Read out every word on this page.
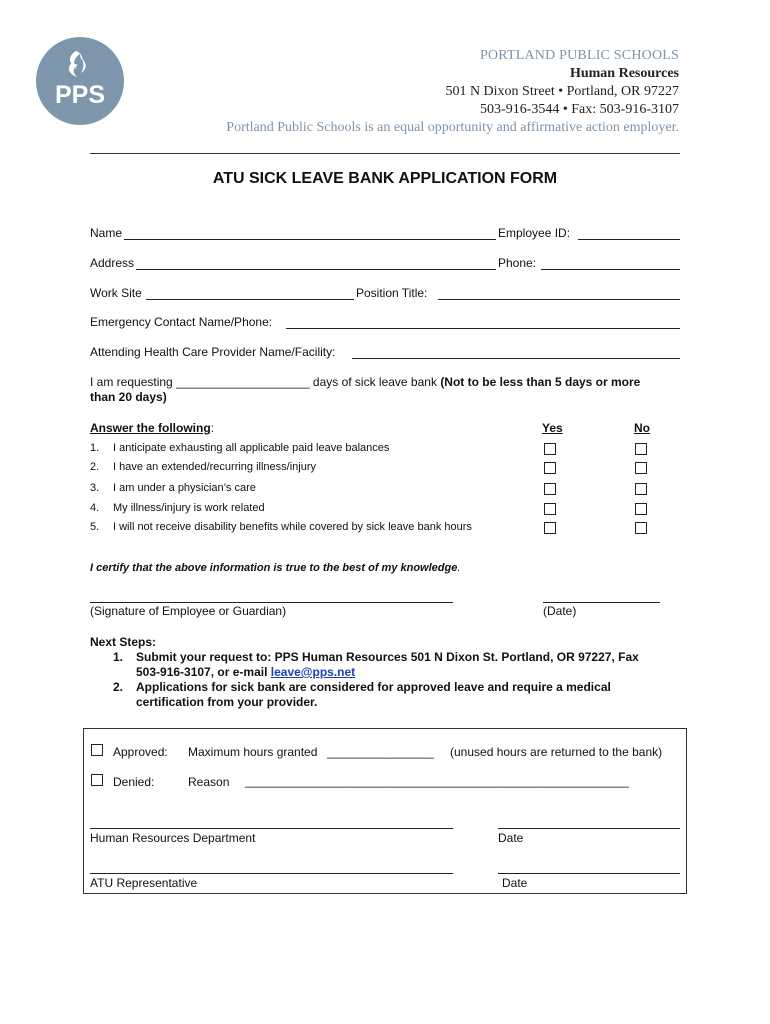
PPS
PORTLAND PUBLIC SCHOOLS
Human Resources
501 N Dixon Street • Portland, OR 97227
503-916-3544 • Fax: 503-916-3107
Portland Public Schools is an equal opportunity and affirmative action employer.
ATU SICK LEAVE BANK APPLICATION FORM
Name	Employee ID:
Address	Phone:
Work Site	Position Title:
Emergency Contact Name/Phone:
Attending Health Care Provider Name/Facility:
I am requesting ____________________ days of sick leave bank (Not to be less than 5 days or more
than 20 days)
Answer the following:	Yes	No
1. I anticipate exhausting all applicable paid leave balances
2. I have an extended/recurring illness/injury
3. I am under a physician’s care
4. My illness/injury is work related
5. I will not receive disability benefits while covered by sick leave bank hours
I certify that the above information is true to the best of my knowledge.
(Signature of Employee or Guardian)	(Date)
Next Steps:
1. Submit your request to: PPS Human Resources 501 N Dixon St. Portland, OR 97227, Fax
503-916-3107, or e-mail leave@pps.net
2. Applications for sick bank are considered for approved leave and require a medical
certification from your provider.
Approved: Maximum hours granted ________________ (unused hours are returned to the bank)
Denied:	Reason ____________________________________________________________
Human Resources Department	Date
ATU Representative	Date
